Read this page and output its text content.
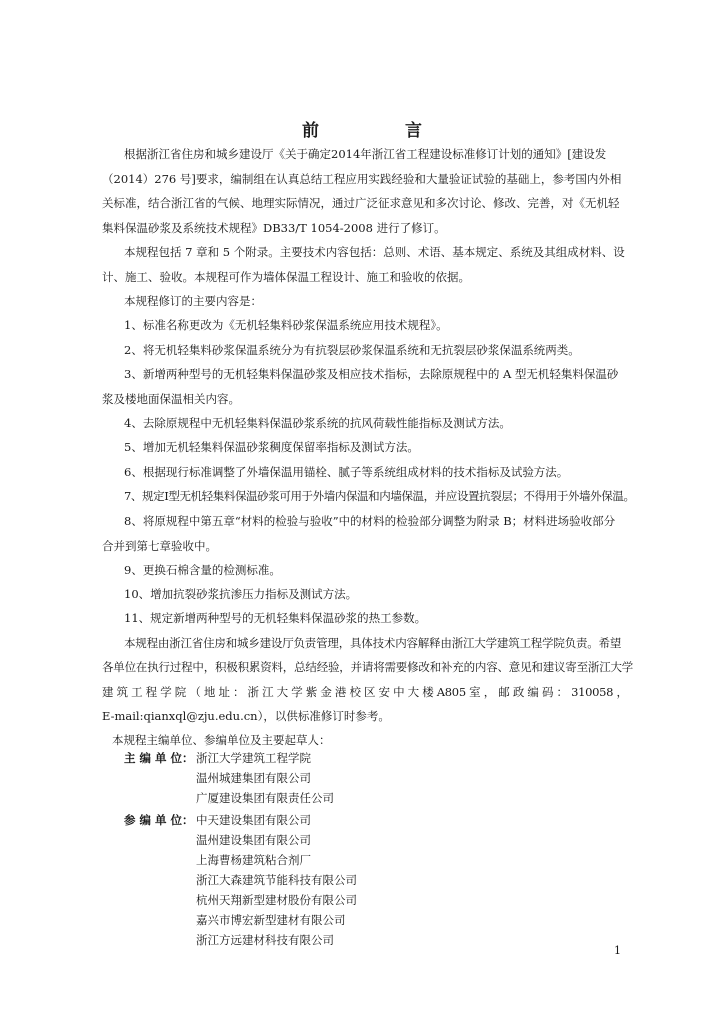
前 言

根据浙江省住房和城乡建设厅《关于确定2014年浙江省工程建设标准修订计划的通知》[建设发（2014）276 号]要求，编制组在认真总结工程应用实践经验和大量验证试验的基础上，参考国内外相关标准，结合浙江省的气候、地理实际情况，通过广泛征求意见和多次讨论、修改、完善，对《无机轻集料保温砂浆及系统技术规程》DB33/T 1054-2008 进行了修订。

本规程包括 7 章和 5 个附录。主要技术内容包括：总则、术语、基本规定、系统及其组成材料、设计、施工、验收。本规程可作为墙体保温工程设计、施工和验收的依据。

本规程修订的主要内容是：

1、标准名称更改为《无机轻集料砂浆保温系统应用技术规程》。
2、将无机轻集料砂浆保温系统分为有抗裂层砂浆保温系统和无抗裂层砂浆保温系统两类。

3、新增两种型号的无机轻集料保温砂浆及相应技术指标，去除原规程中的 A 型无机轻集料保温砂浆及楼地面保温相关内容。

4、去除原规程中无机轻集料保温砂浆系统的抗风荷载性能指标及测试方法。
5、增加无机轻集料保温砂浆稠度保留率指标及测试方法。
6、根据现行标准调整了外墙保温用锚栓、腻子等系统组成材料的技术指标及试验方法。
7、规定Ⅰ型无机轻集料保温砂浆可用于外墙内保温和内墙保温，并应设置抗裂层；不得用于外墙外保温。

8、将原规程中第五章“材料的检验与验收”中的材料的检验部分调整为附录 B；材料进场验收部分合并到第七章验收中。

9、更换石棉含量的检测标准。
10、增加抗裂砂浆抗渗压力指标及测试方法。
11、规定新增两种型号的无机轻集料保温砂浆的热工参数。
本规程由浙江省住房和城乡建设厅负责管理，具体技术内容解释由浙江大学建筑工程学院负责。希望
各单位在执行过程中，积极积累资料，总结经验，并请将需要修改和补充的内容、意见和建议寄至浙江大学
建 筑 工 程 学 院 （ 地 址 ： 浙 江 大 学 紫 金 港 校 区 安 中 大 楼 A805 室 ， 邮 政 编 码 ： 310058 ，
E-mail:qianxql@zju.edu.cn），以供标准修订时参考。
本规程主编单位、参编单位及主要起草人：
主 编 单 位： 浙江大学建筑工程学院
温州城建集团有限公司
广厦建设集团有限责任公司
参 编 单 位： 中天建设集团有限公司
温州建设集团有限公司
上海曹杨建筑粘合剂厂
浙江大森建筑节能科技有限公司
杭州天翔新型建材股份有限公司
嘉兴市博宏新型建材有限公司
浙江方远建材科技有限公司
1
